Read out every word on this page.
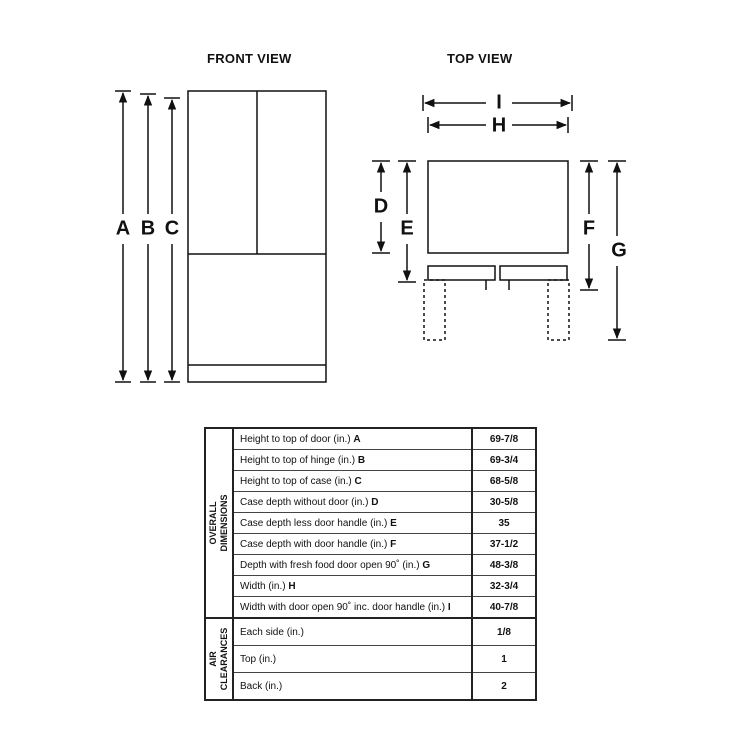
FRONT VIEW	TOP VIEW
A B C
I
H
D
E	F
G
OVERALL DIMENSIONS	Height to top of door (in.) A	69-7/8
	Height to top of hinge (in.) B	69-3/4
	Height to top of case (in.) C	68-5/8
	Case depth without door (in.) D	30-5/8
	Case depth less door handle (in.) E	35
	Case depth with door handle (in.) F	37-1/2
	Depth with fresh food door open 90˚ (in.) G	48-3/8
	Width (in.) H	32-3/4
	Width with door open 90˚ inc. door handle (in.) I	40-7/8

AIR CLEARANCES	Each side (in.)	1/8
	Top (in.)	1
	Back (in.)	2
